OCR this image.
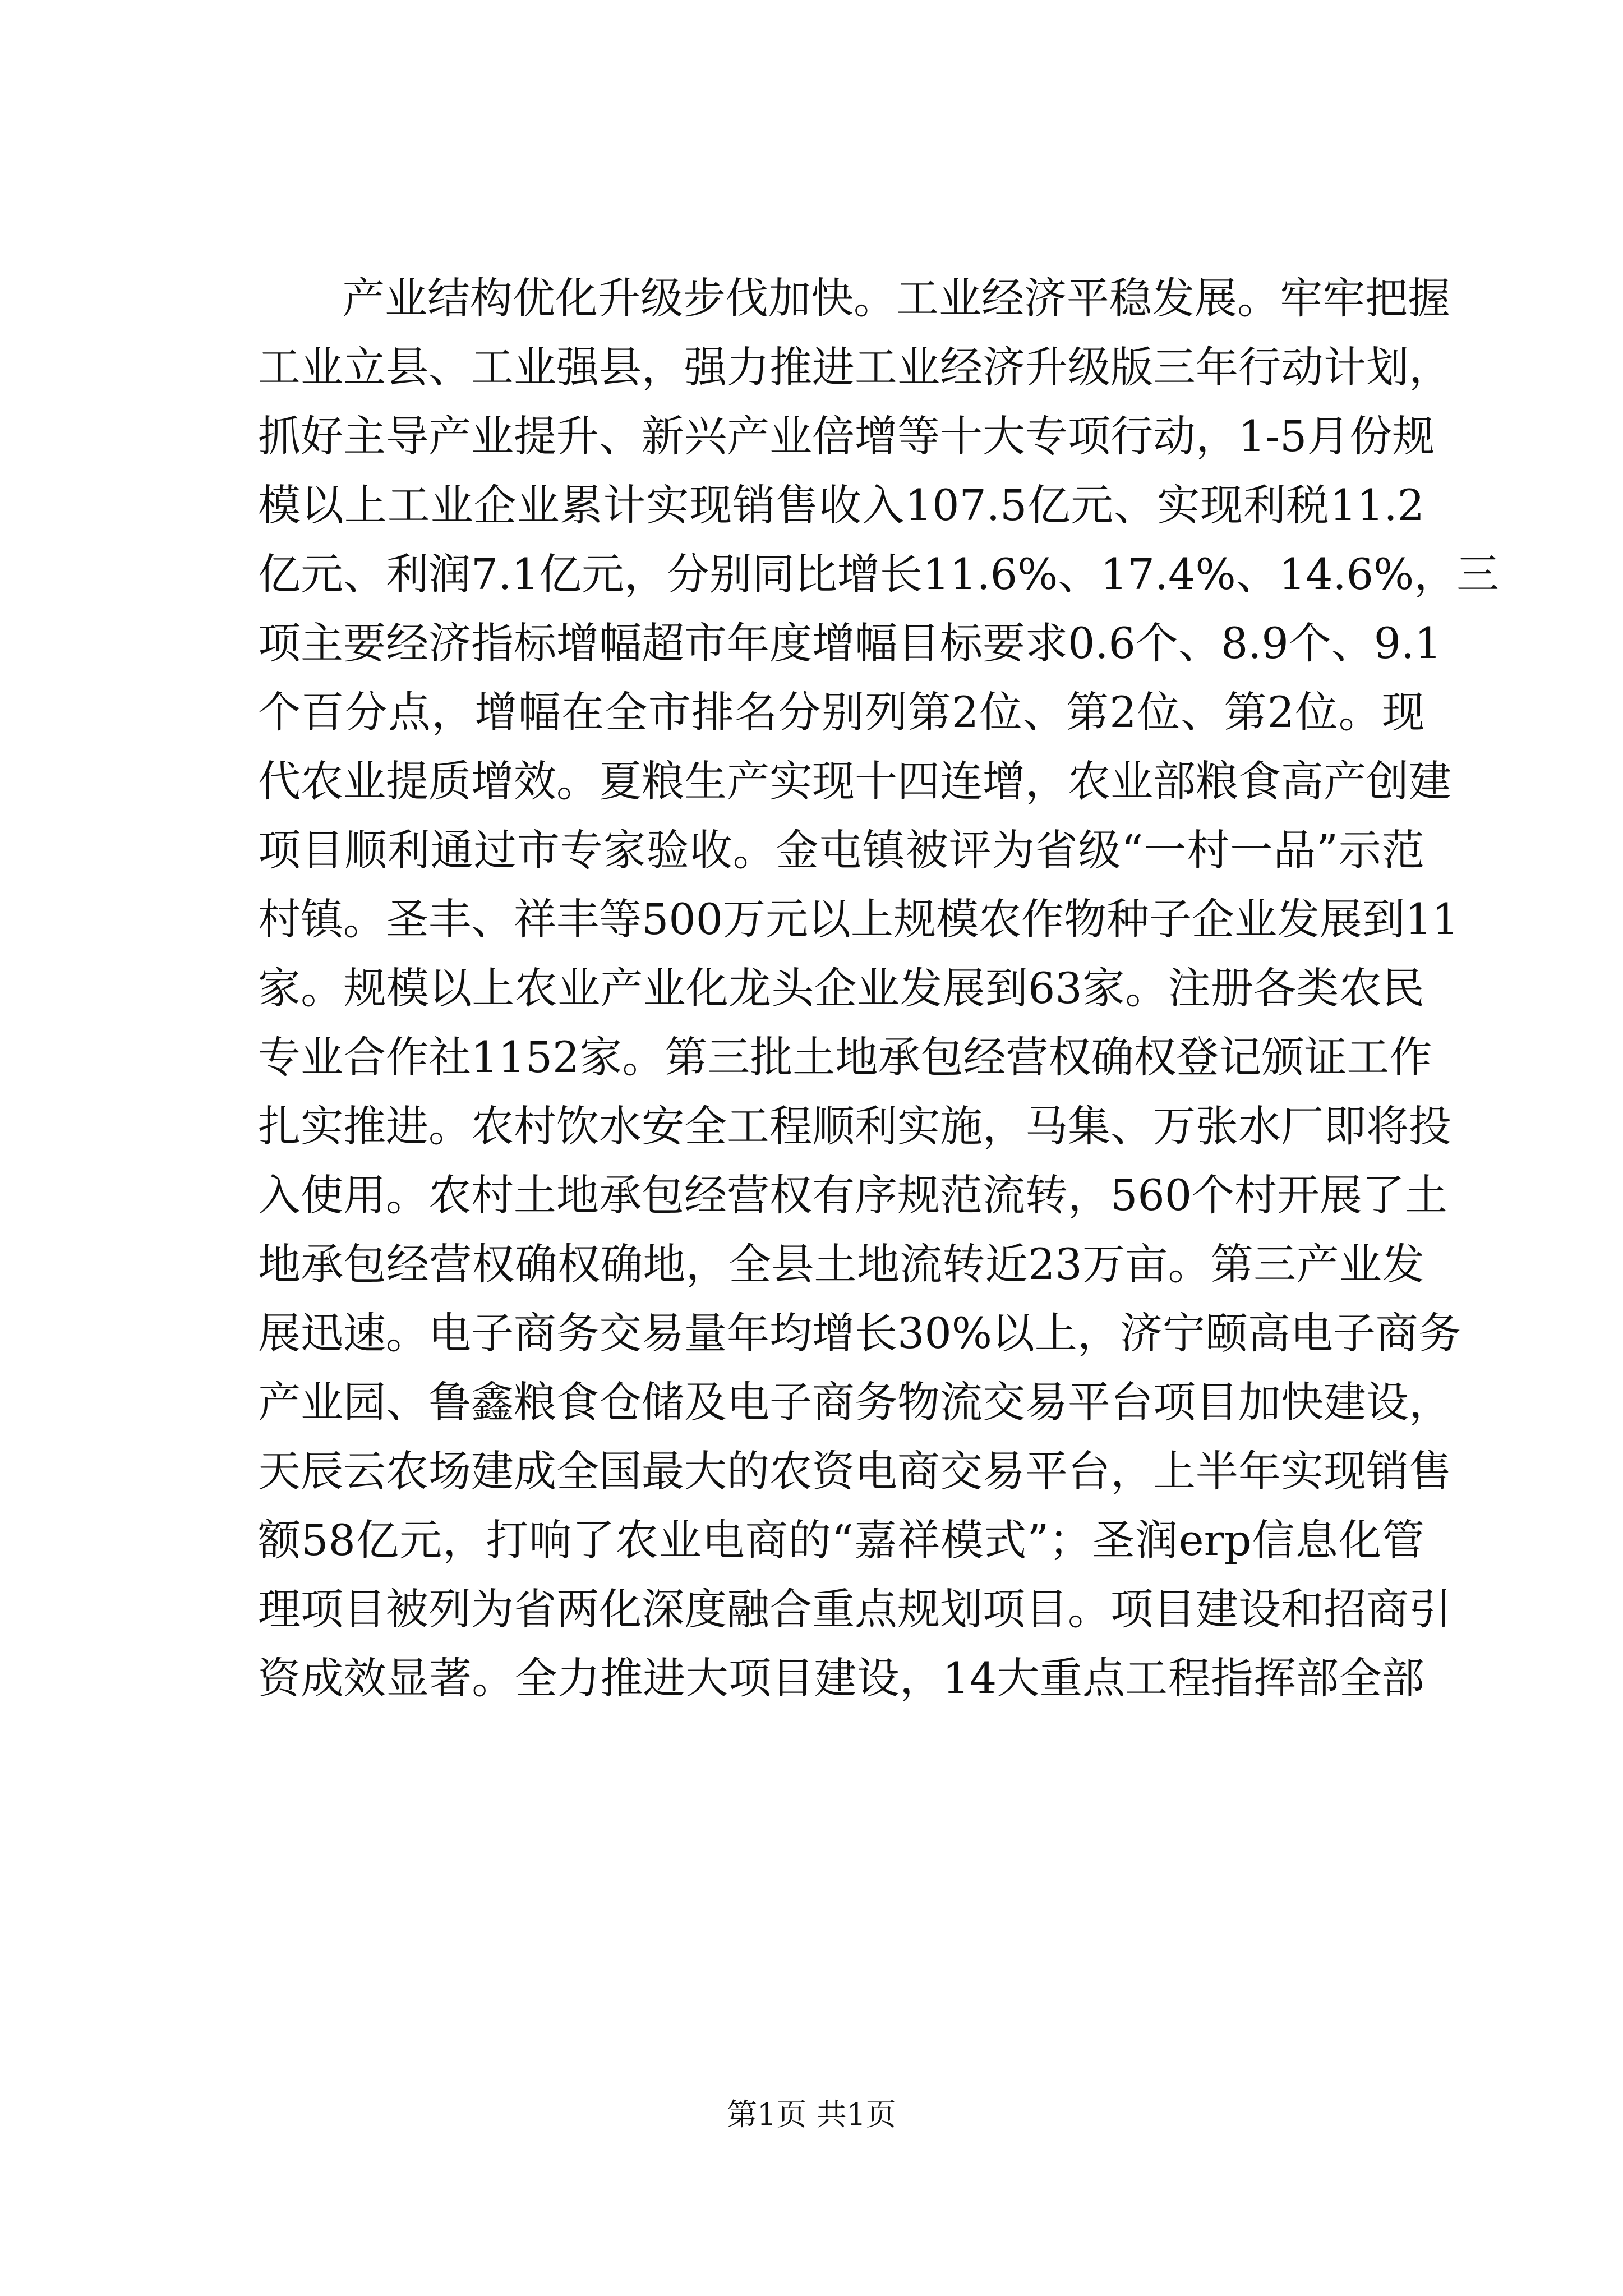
产业结构优化升级步伐加快。工业经济平稳发展。牢牢把握
工业立县、工业强县，强力推进工业经济升级版三年行动计划，
抓好主导产业提升、新兴产业倍增等十大专项行动，1-5月份规
模以上工业企业累计实现销售收入107.5亿元、实现利税11.2
亿元、利润7.1亿元，分别同比增长11.6%、17.4%、14.6%，三
项主要经济指标增幅超市年度增幅目标要求0.6个、8.9个、9.1
个百分点，增幅在全市排名分别列第2位、第2位、第2位。现
代农业提质增效。夏粮生产实现十四连增，农业部粮食高产创建
项目顺利通过市专家验收。金屯镇被评为省级“一村一品”示范
村镇。圣丰、祥丰等500万元以上规模农作物种子企业发展到11
家。规模以上农业产业化龙头企业发展到63家。注册各类农民
专业合作社1152家。第三批土地承包经营权确权登记颁证工作
扎实推进。农村饮水安全工程顺利实施，马集、万张水厂即将投
入使用。农村土地承包经营权有序规范流转，560个村开展了土
地承包经营权确权确地，全县土地流转近23万亩。第三产业发
展迅速。电子商务交易量年均增长30%以上，济宁颐高电子商务
产业园、鲁鑫粮食仓储及电子商务物流交易平台项目加快建设，
天辰云农场建成全国最大的农资电商交易平台，上半年实现销售
额58亿元，打响了农业电商的“嘉祥模式”；圣润erp信息化管
理项目被列为省两化深度融合重点规划项目。项目建设和招商引
资成效显著。全力推进大项目建设，14大重点工程指挥部全部
第1页 共1页
